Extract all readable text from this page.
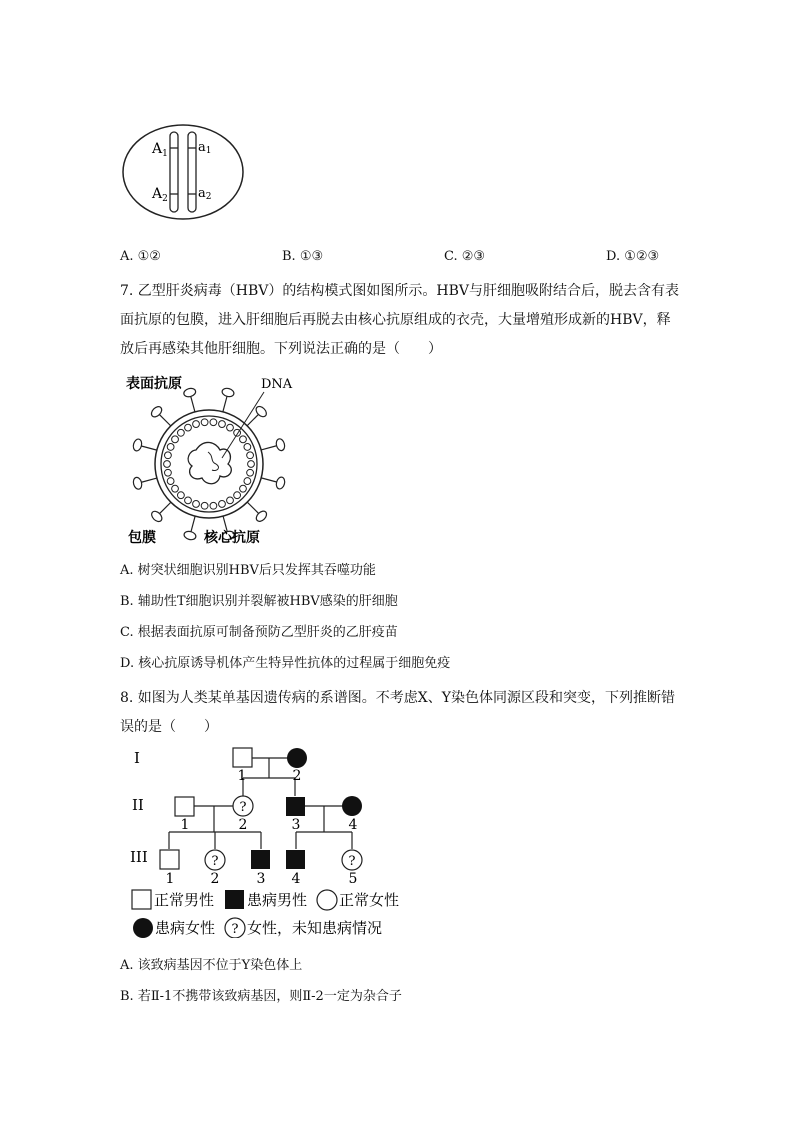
$A_1$ a1
$A_2$ a2
A. ①②	B. ①③	C. ②③	D. ①②③
7. 乙型肝炎病毒（HBV）的结构模式图如图所示。HBV与肝细胞吸附结合后，脱去含有表面抗原的包膜，进入肝细胞后再脱去由核心抗原组成的衣壳，大量增殖形成新的HBV，释放后再感染其他肝细胞。下列说法正确的是（　　）
表面抗原	DNA
包膜	核心抗原
A. 树突状细胞识别HBV后只发挥其吞噬功能
B. 辅助性T细胞识别并裂解被HBV感染的肝细胞
C. 根据表面抗原可制备预防乙型肝炎的乙肝疫苗
D. 核心抗原诱导机体产生特异性抗体的过程属于细胞免疫
8. 如图为人类某单基因遗传病的系谱图。不考虑X、Y染色体同源区段和突变，下列推断错误的是（　　）
I
II
III
?
?	?
1	2
1	2	3	4
1	2	3 4	5
正常男性 患病男性 正常女性
患病女性 ? 女性，未知患病情况
A. 该致病基因不位于Y染色体上
B. 若Ⅱ-1不携带该致病基因，则Ⅱ-2一定为杂合子
